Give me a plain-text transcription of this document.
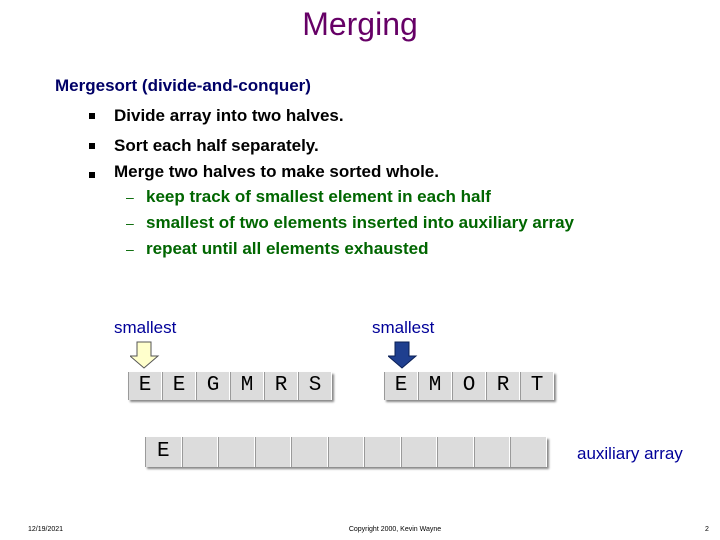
Merging
Mergesort (divide-and-conquer)
Divide array into two halves.
Sort each half separately.
Merge two halves to make sorted whole.
– keep track of smallest element in each half
– smallest of two elements inserted into auxiliary array
– repeat until all elements exhausted
smallest	smallest
E	E	G	M	R	S	E	M	O	R	T
E	auxiliary array
12/19/2021	Copyright 2000, Kevin Wayne	2
